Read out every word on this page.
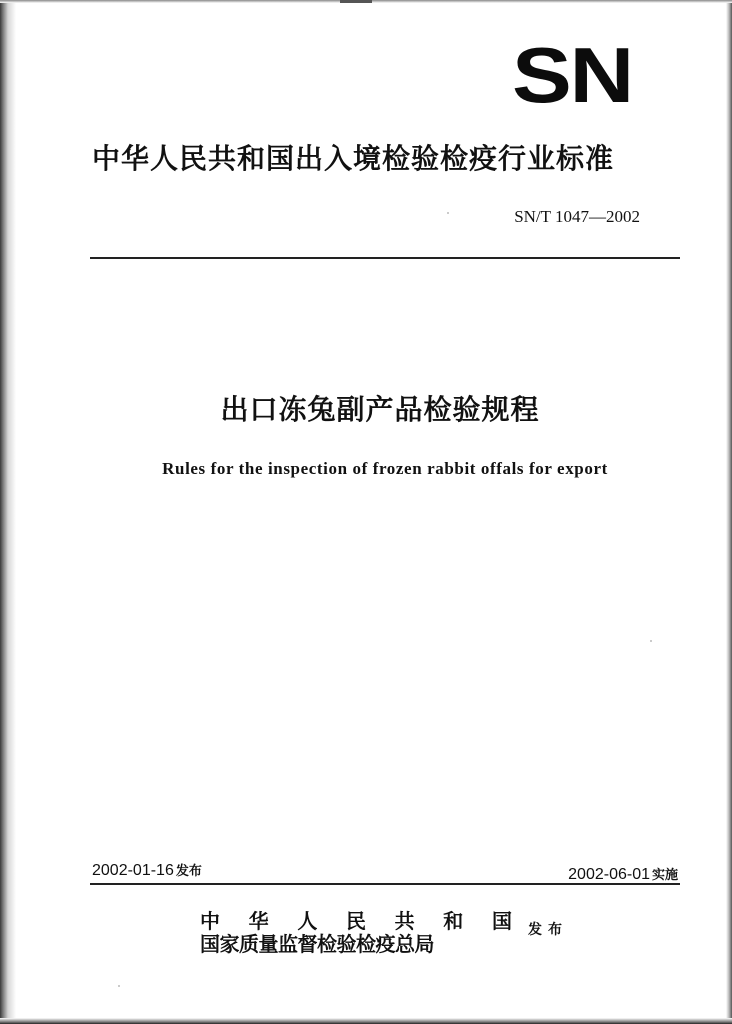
SN
中华人民共和国出入境检验检疫行业标准
SN/T 1047—2002
出口冻兔副产品检验规程
Rules for the inspection of frozen rabbit offals for export
2002-01-16 发布	2002-06-01 实施
中 华 人 民 共 和 国
国家质量监督检验检疫总局
发布
